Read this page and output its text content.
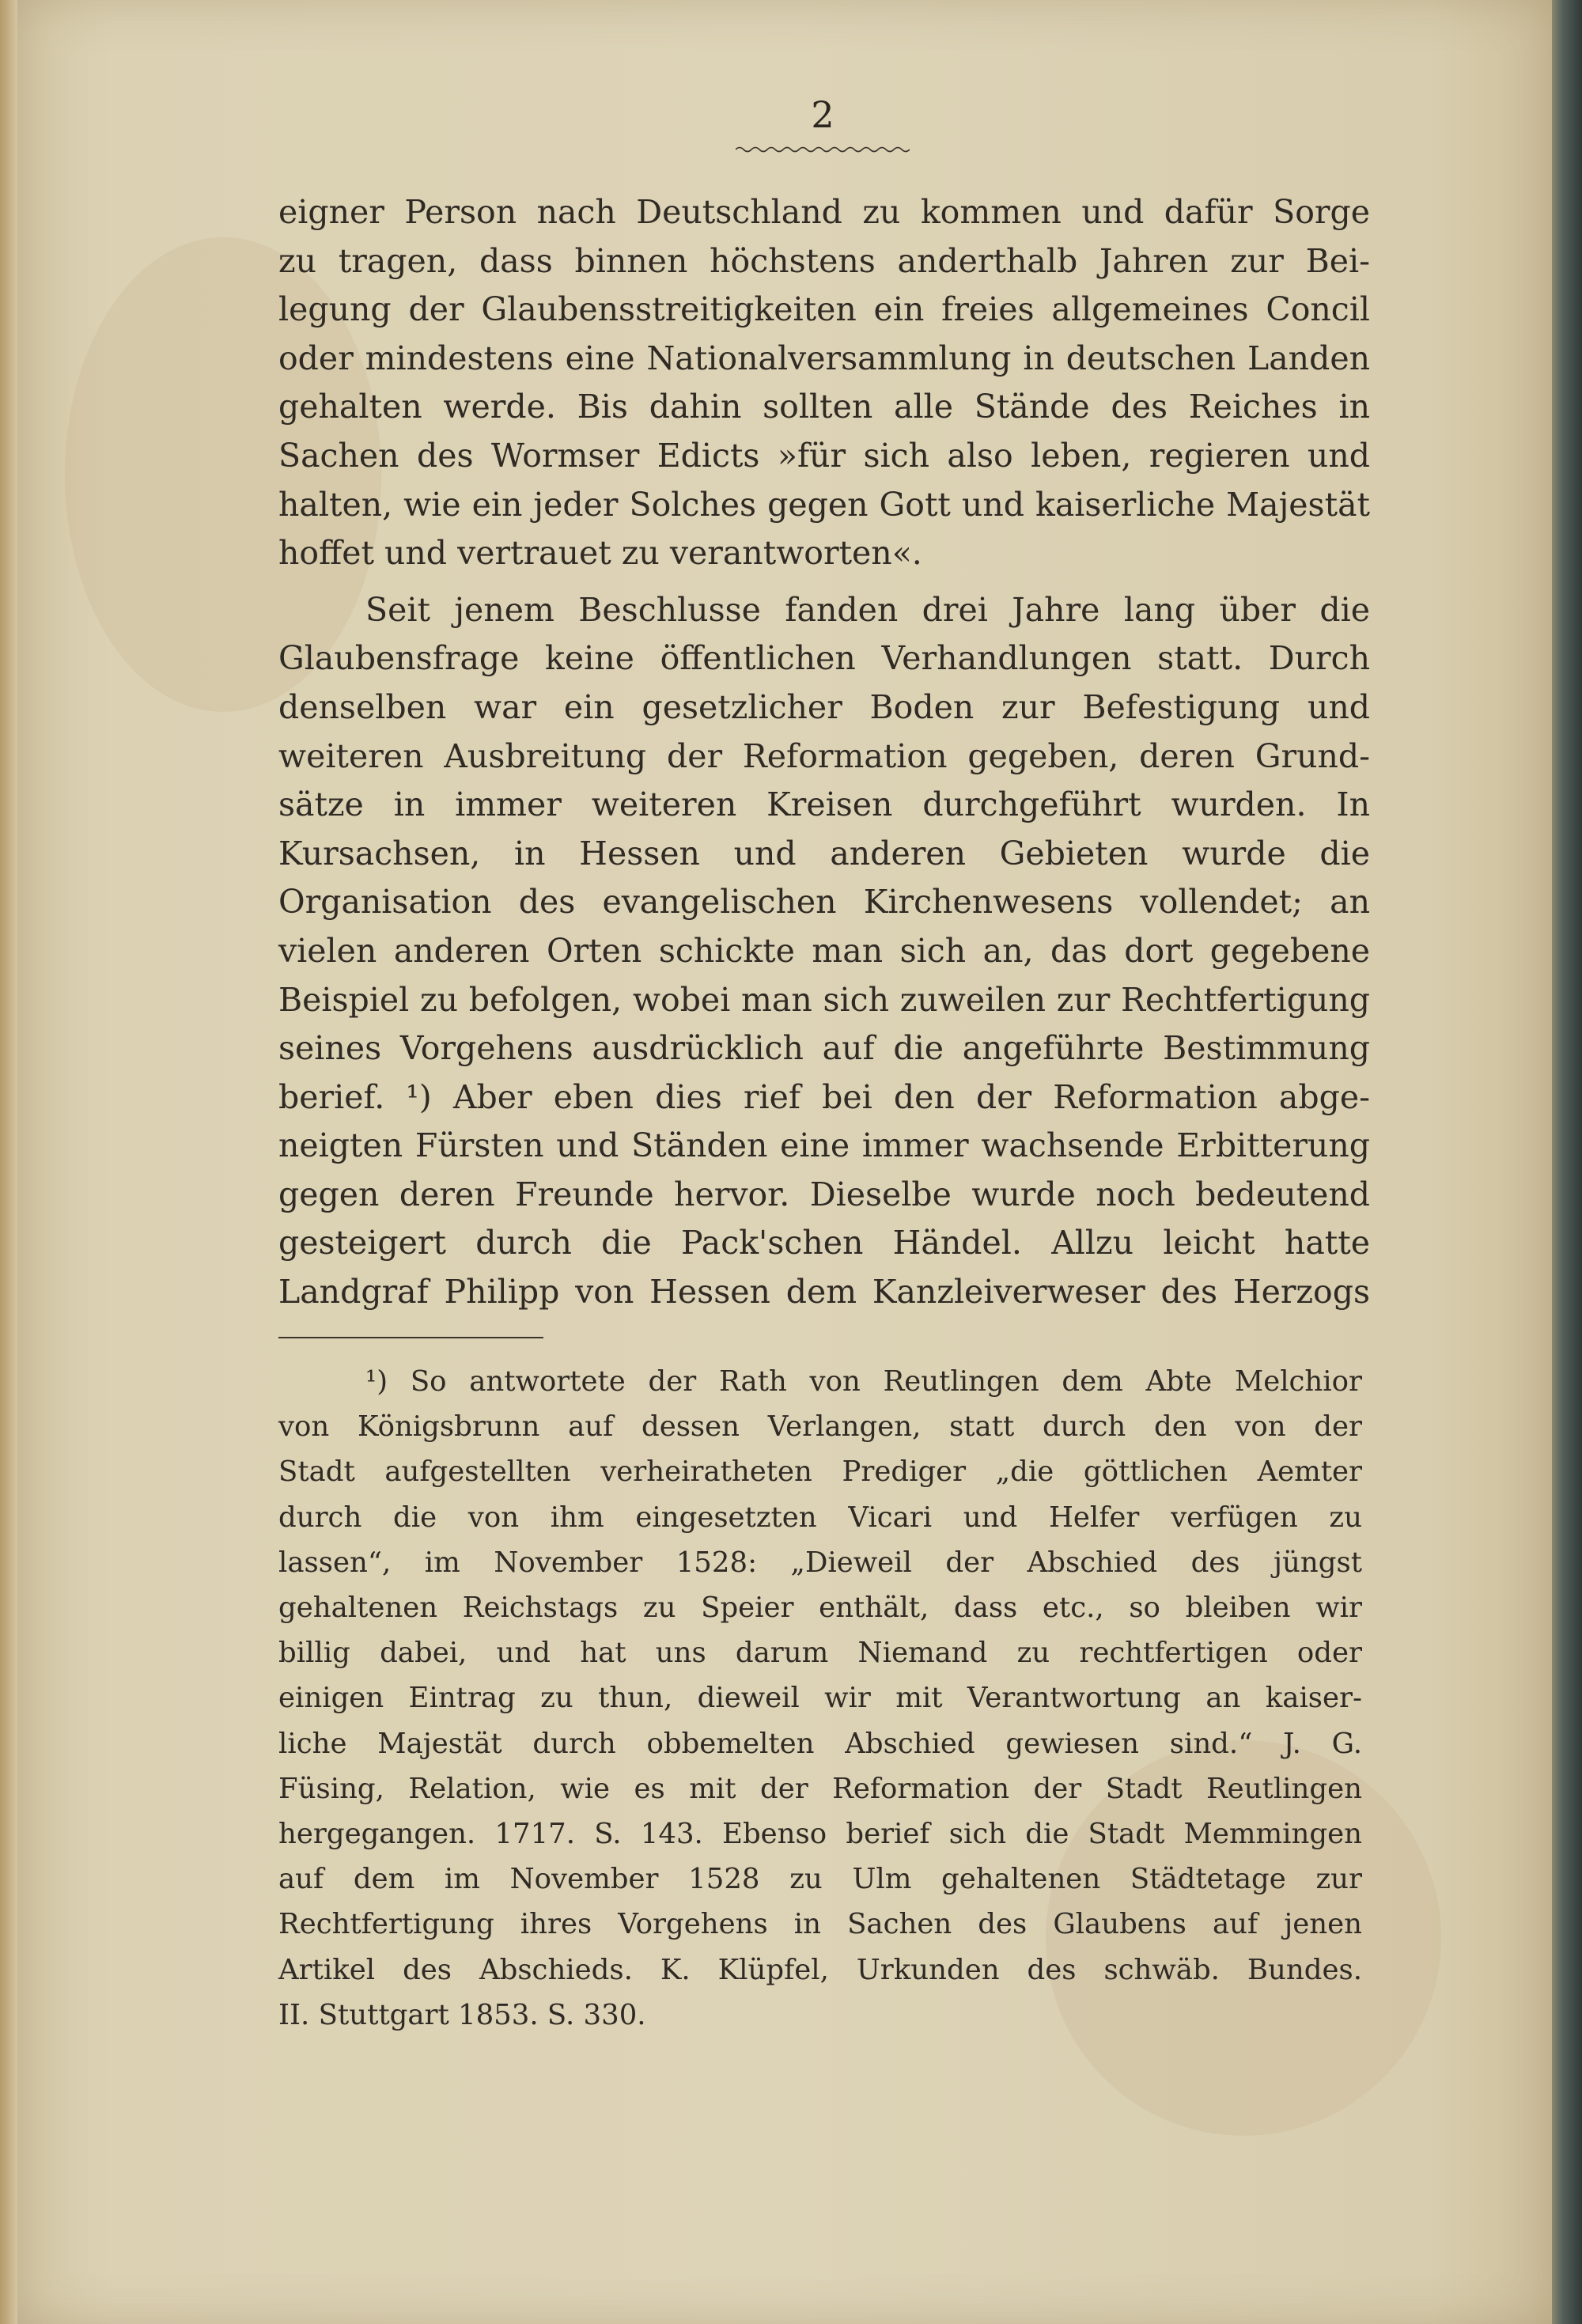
2

eigner Person nach Deutschland zu kommen und dafür Sorge
zu tragen, dass binnen höchstens anderthalb Jahren zur Bei-
legung der Glaubensstreitigkeiten ein freies allgemeines Concil
oder mindestens eine Nationalversammlung in deutschen Landen
gehalten werde. Bis dahin sollten alle Stände des Reiches in
Sachen des Wormser Edicts »für sich also leben, regieren und
halten, wie ein jeder Solches gegen Gott und kaiserliche Majestät
hoffet und vertrauet zu verantworten«.

Seit jenem Beschlusse fanden drei Jahre lang über die
Glaubensfrage keine öffentlichen Verhandlungen statt. Durch
denselben war ein gesetzlicher Boden zur Befestigung und
weiteren Ausbreitung der Reformation gegeben, deren Grund-
sätze in immer weiteren Kreisen durchgeführt wurden. In
Kursachsen, in Hessen und anderen Gebieten wurde die
Organisation des evangelischen Kirchenwesens vollendet; an
vielen anderen Orten schickte man sich an, das dort gegebene
Beispiel zu befolgen, wobei man sich zuweilen zur Rechtfertigung
seines Vorgehens ausdrücklich auf die angeführte Bestimmung
berief. ¹) Aber eben dies rief bei den der Reformation abge-
neigten Fürsten und Ständen eine immer wachsende Erbitterung
gegen deren Freunde hervor. Dieselbe wurde noch bedeutend
gesteigert durch die Pack'schen Händel. Allzu leicht hatte
Landgraf Philipp von Hessen dem Kanzleiverweser des Herzogs

¹) So antwortete der Rath von Reutlingen dem Abte Melchior
von Königsbrunn auf dessen Verlangen, statt durch den von der
Stadt aufgestellten verheiratheten Prediger „die göttlichen Aemter
durch die von ihm eingesetzten Vicari und Helfer verfügen zu
lassen“, im November 1528: „Dieweil der Abschied des jüngst
gehaltenen Reichstags zu Speier enthält, dass etc., so bleiben wir
billig dabei, und hat uns darum Niemand zu rechtfertigen oder
einigen Eintrag zu thun, dieweil wir mit Verantwortung an kaiser-
liche Majestät durch obbemelten Abschied gewiesen sind.“ J. G.
Füsing, Relation, wie es mit der Reformation der Stadt Reutlingen
hergegangen. 1717. S. 143. Ebenso berief sich die Stadt Memmingen
auf dem im November 1528 zu Ulm gehaltenen Städtetage zur
Rechtfertigung ihres Vorgehens in Sachen des Glaubens auf jenen
Artikel des Abschieds. K. Klüpfel, Urkunden des schwäb. Bundes.
II. Stuttgart 1853. S. 330.
